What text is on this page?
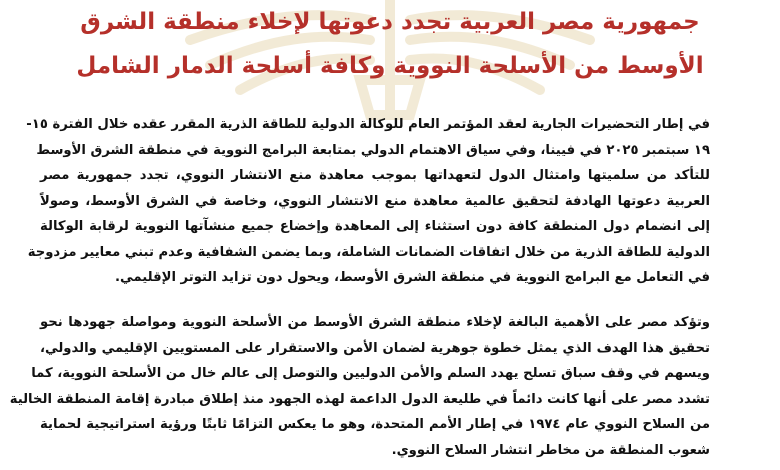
جمهورية مصر العربية تجدد دعوتها لإخلاء منطقة الشرق
الأوسط من الأسلحة النووية وكافة أسلحة الدمار الشامل
في إطار التحضيرات الجارية لعقد المؤتمر العام للوكالة الدولية للطاقة الذرية المقرر عقده خلال الفترة ١٥-
١٩ سبتمبر ٢٠٢٥ في فيينا، وفي سياق الاهتمام الدولي بمتابعة البرامج النووية في منطقة الشرق الأوسط
للتأكد من سلميتها وامتثال الدول لتعهداتها بموجب معاهدة منع الانتشار النووي، تجدد جمهورية مصر
العربية دعوتها الهادفة لتحقيق عالمية معاهدة منع الانتشار النووي، وخاصة في الشرق الأوسط، وصولاً
إلى انضمام دول المنطقة كافة دون استثناء إلى المعاهدة وإخضاع جميع منشآتها النووية لرقابة الوكالة
الدولية للطاقة الذرية من خلال اتفاقات الضمانات الشاملة، وبما يضمن الشفافية وعدم تبني معايير مزدوجة
في التعامل مع البرامج النووية في منطقة الشرق الأوسط، ويحول دون تزايد التوتر الإقليمي.
وتؤكد مصر على الأهمية البالغة لإخلاء منطقة الشرق الأوسط من الأسلحة النووية ومواصلة جهودها نحو
تحقيق هذا الهدف الذي يمثل خطوة جوهرية لضمان الأمن والاستقرار على المستويين الإقليمي والدولي،
ويسهم في وقف سباق تسلح يهدد السلم والأمن الدوليين والتوصل إلى عالم خال من الأسلحة النووية، كما
تشدد مصر على أنها كانت دائماً في طليعة الدول الداعمة لهذه الجهود منذ إطلاق مبادرة إقامة المنطقة الخالية
من السلاح النووي عام ١٩٧٤ في إطار الأمم المتحدة، وهو ما يعكس التزامًا ثابتًا ورؤية استراتيجية لحماية
شعوب المنطقة من مخاطر انتشار السلاح النووي.
